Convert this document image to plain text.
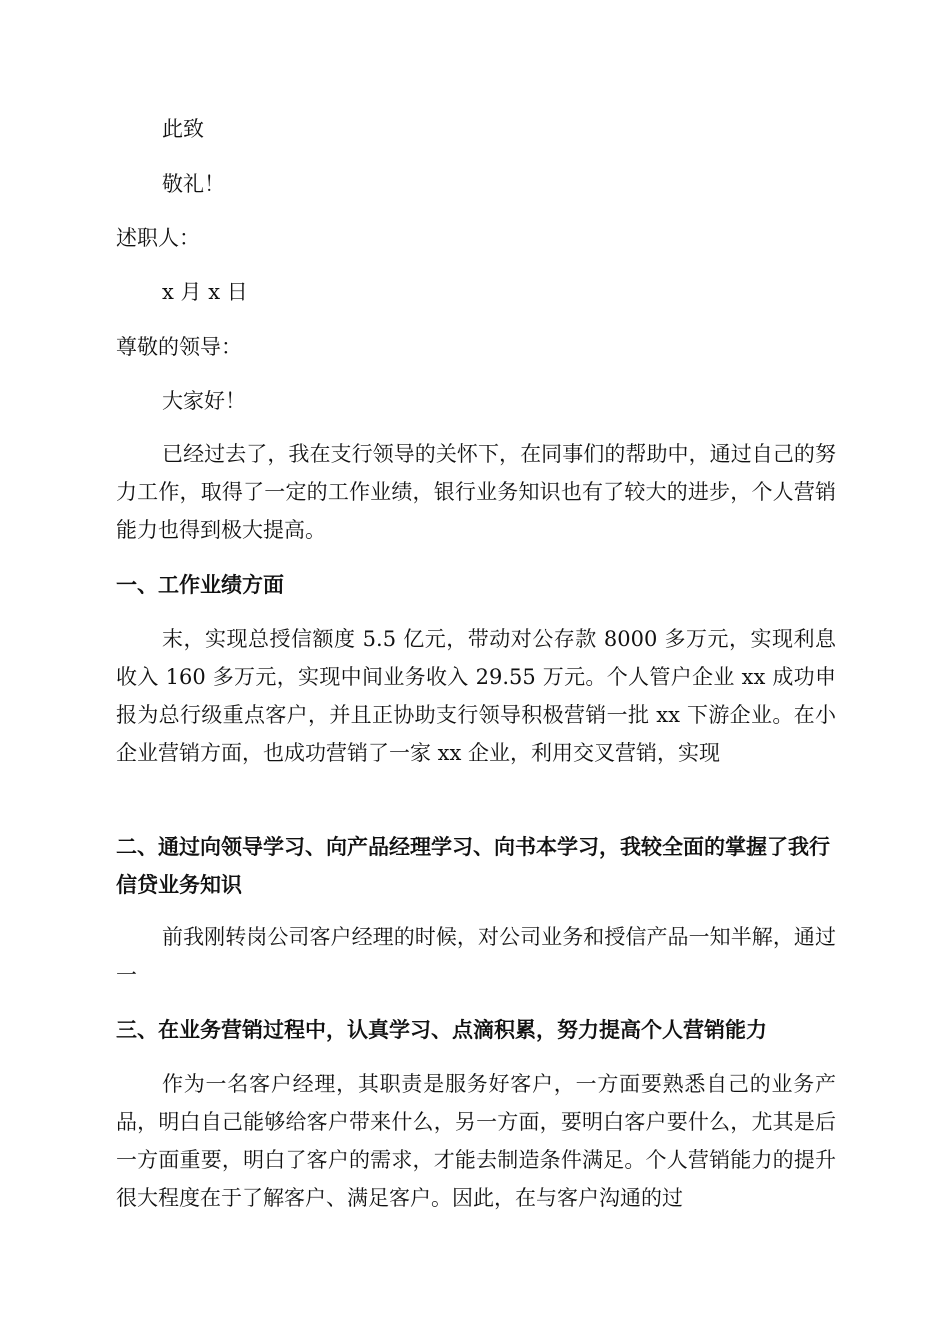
此致
敬礼！
述职人：
x 月 x 日
尊敬的领导：
大家好！

已经过去了，我在支行领导的关怀下，在同事们的帮助中，通过自己的努力工作，取得了一定的工作业绩，银行业务知识也有了较大的进步，个人营销能力也得到极大提高。

一、工作业绩方面

末，实现总授信额度 5.5 亿元，带动对公存款 8000 多万元，实现利息收入 160 多万元，实现中间业务收入 29.55 万元。个人管户企业 xx 成功申报为总行级重点客户，并且正协助支行领导积极营销一批 xx 下游企业。在小企业营销方面，也成功营销了一家 xx 企业，利用交叉营销，实现

二、通过向领导学习、向产品经理学习、向书本学习，我较全面的掌握了我行信贷业务知识

前我刚转岗公司客户经理的时候，对公司业务和授信产品一知半解，通过一

三、在业务营销过程中，认真学习、点滴积累，努力提高个人营销能力

作为一名客户经理，其职责是服务好客户，一方面要熟悉自己的业务产品，明白自己能够给客户带来什么，另一方面，要明白客户要什么，尤其是后一方面重要，明白了客户的需求，才能去制造条件满足。个人营销能力的提升很大程度在于了解客户、满足客户。因此，在与客户沟通的过
